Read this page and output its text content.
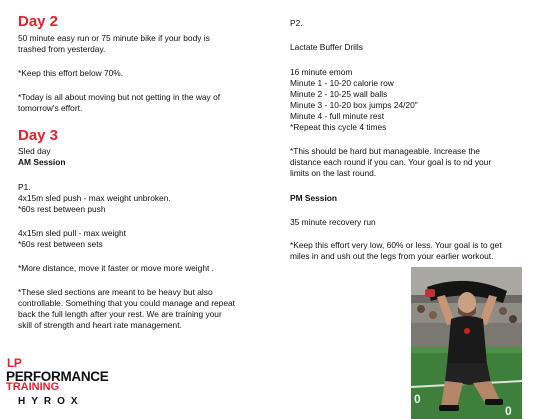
Day 2
50 minute easy run or 75 minute bike if your body is
trashed from yesterday.
*Keep this effort below 70%.
*Today is all about moving but not getting in the way of
tomorrow's effort.
Day 3
Sled day
AM Session
P1.
4x15m sled push - max weight unbroken.
*60s rest between push
4x15m sled pull - max weight
*60s rest between sets
*More distance, move it faster or move more weight .
*These sled sections are meant to be heavy but also
controllable. Something that you could manage and repeat
back the full length after your rest. We are training your
skill of strength and heart rate management.
P2.
Lactate Buffer Drills
16 minute emom
Minute 1 - 10-20 calorie row
Minute 2 - 10-25 wall balls
Minute 3 - 10-20 box jumps 24/20"
Minute 4 - full minute rest
*Repeat this cycle 4 times
*This should be hard but manageable. Increase the
distance each round if you can. Your goal is to nd your
limits on the last round.
PM Session
35 minute recovery run
*Keep this effort very low, 60% or less. Your goal is to get
miles in and ush out the legs from your earlier workout.
0
0
LP
PERFORMANCE
TRAINING
HYROX
